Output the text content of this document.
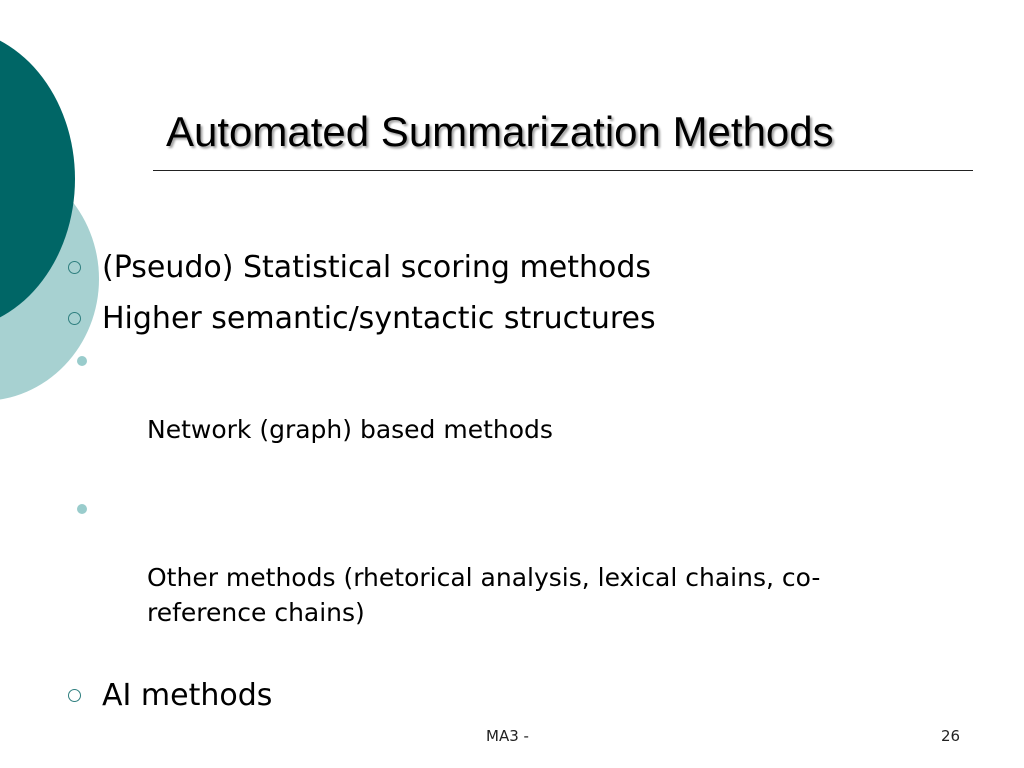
Automated Summarization Methods
(Pseudo) Statistical scoring methods
Higher semantic/syntactic structures

Network (graph) based methods

Other methods (rhetorical analysis, lexical chains, co-
reference chains)

AI methods
MA3 -	26
